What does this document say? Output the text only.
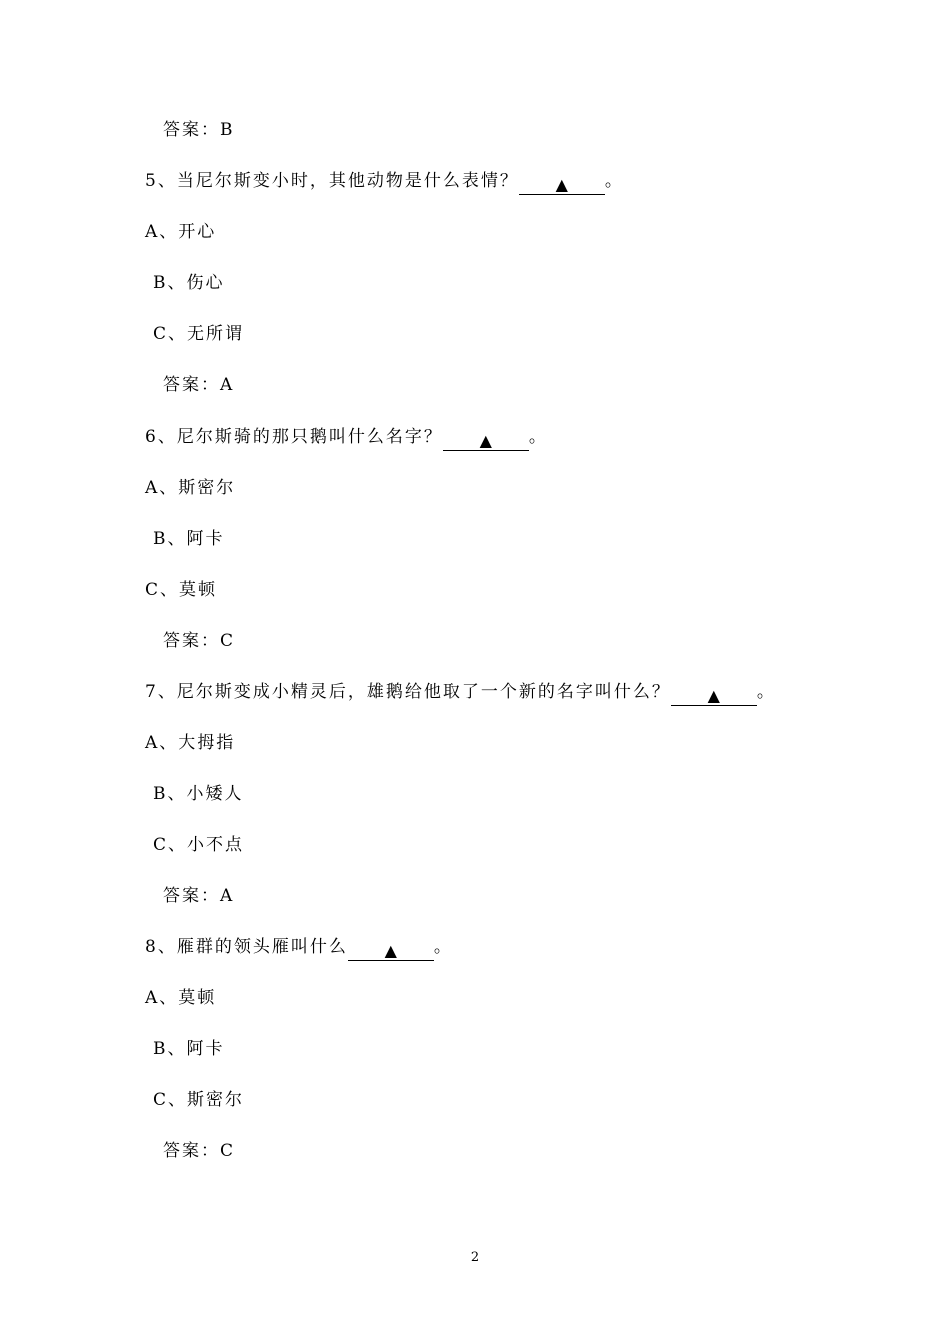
答案：B
5、当尼尔斯变小时，其他动物是什么表情？ ▲ 。
A、开心
B、伤心
C、无所谓
答案：A
6、尼尔斯骑的那只鹅叫什么名字？ ▲ 。
A、斯密尔
B、阿卡
C、莫顿
答案：C
7、尼尔斯变成小精灵后，雄鹅给他取了一个新的名字叫什么？ ▲ 。
A、大拇指
B、小矮人
C、小不点
答案：A
8、雁群的领头雁叫什么 ▲ 。
A、莫顿
B、阿卡
C、斯密尔
答案：C
2
